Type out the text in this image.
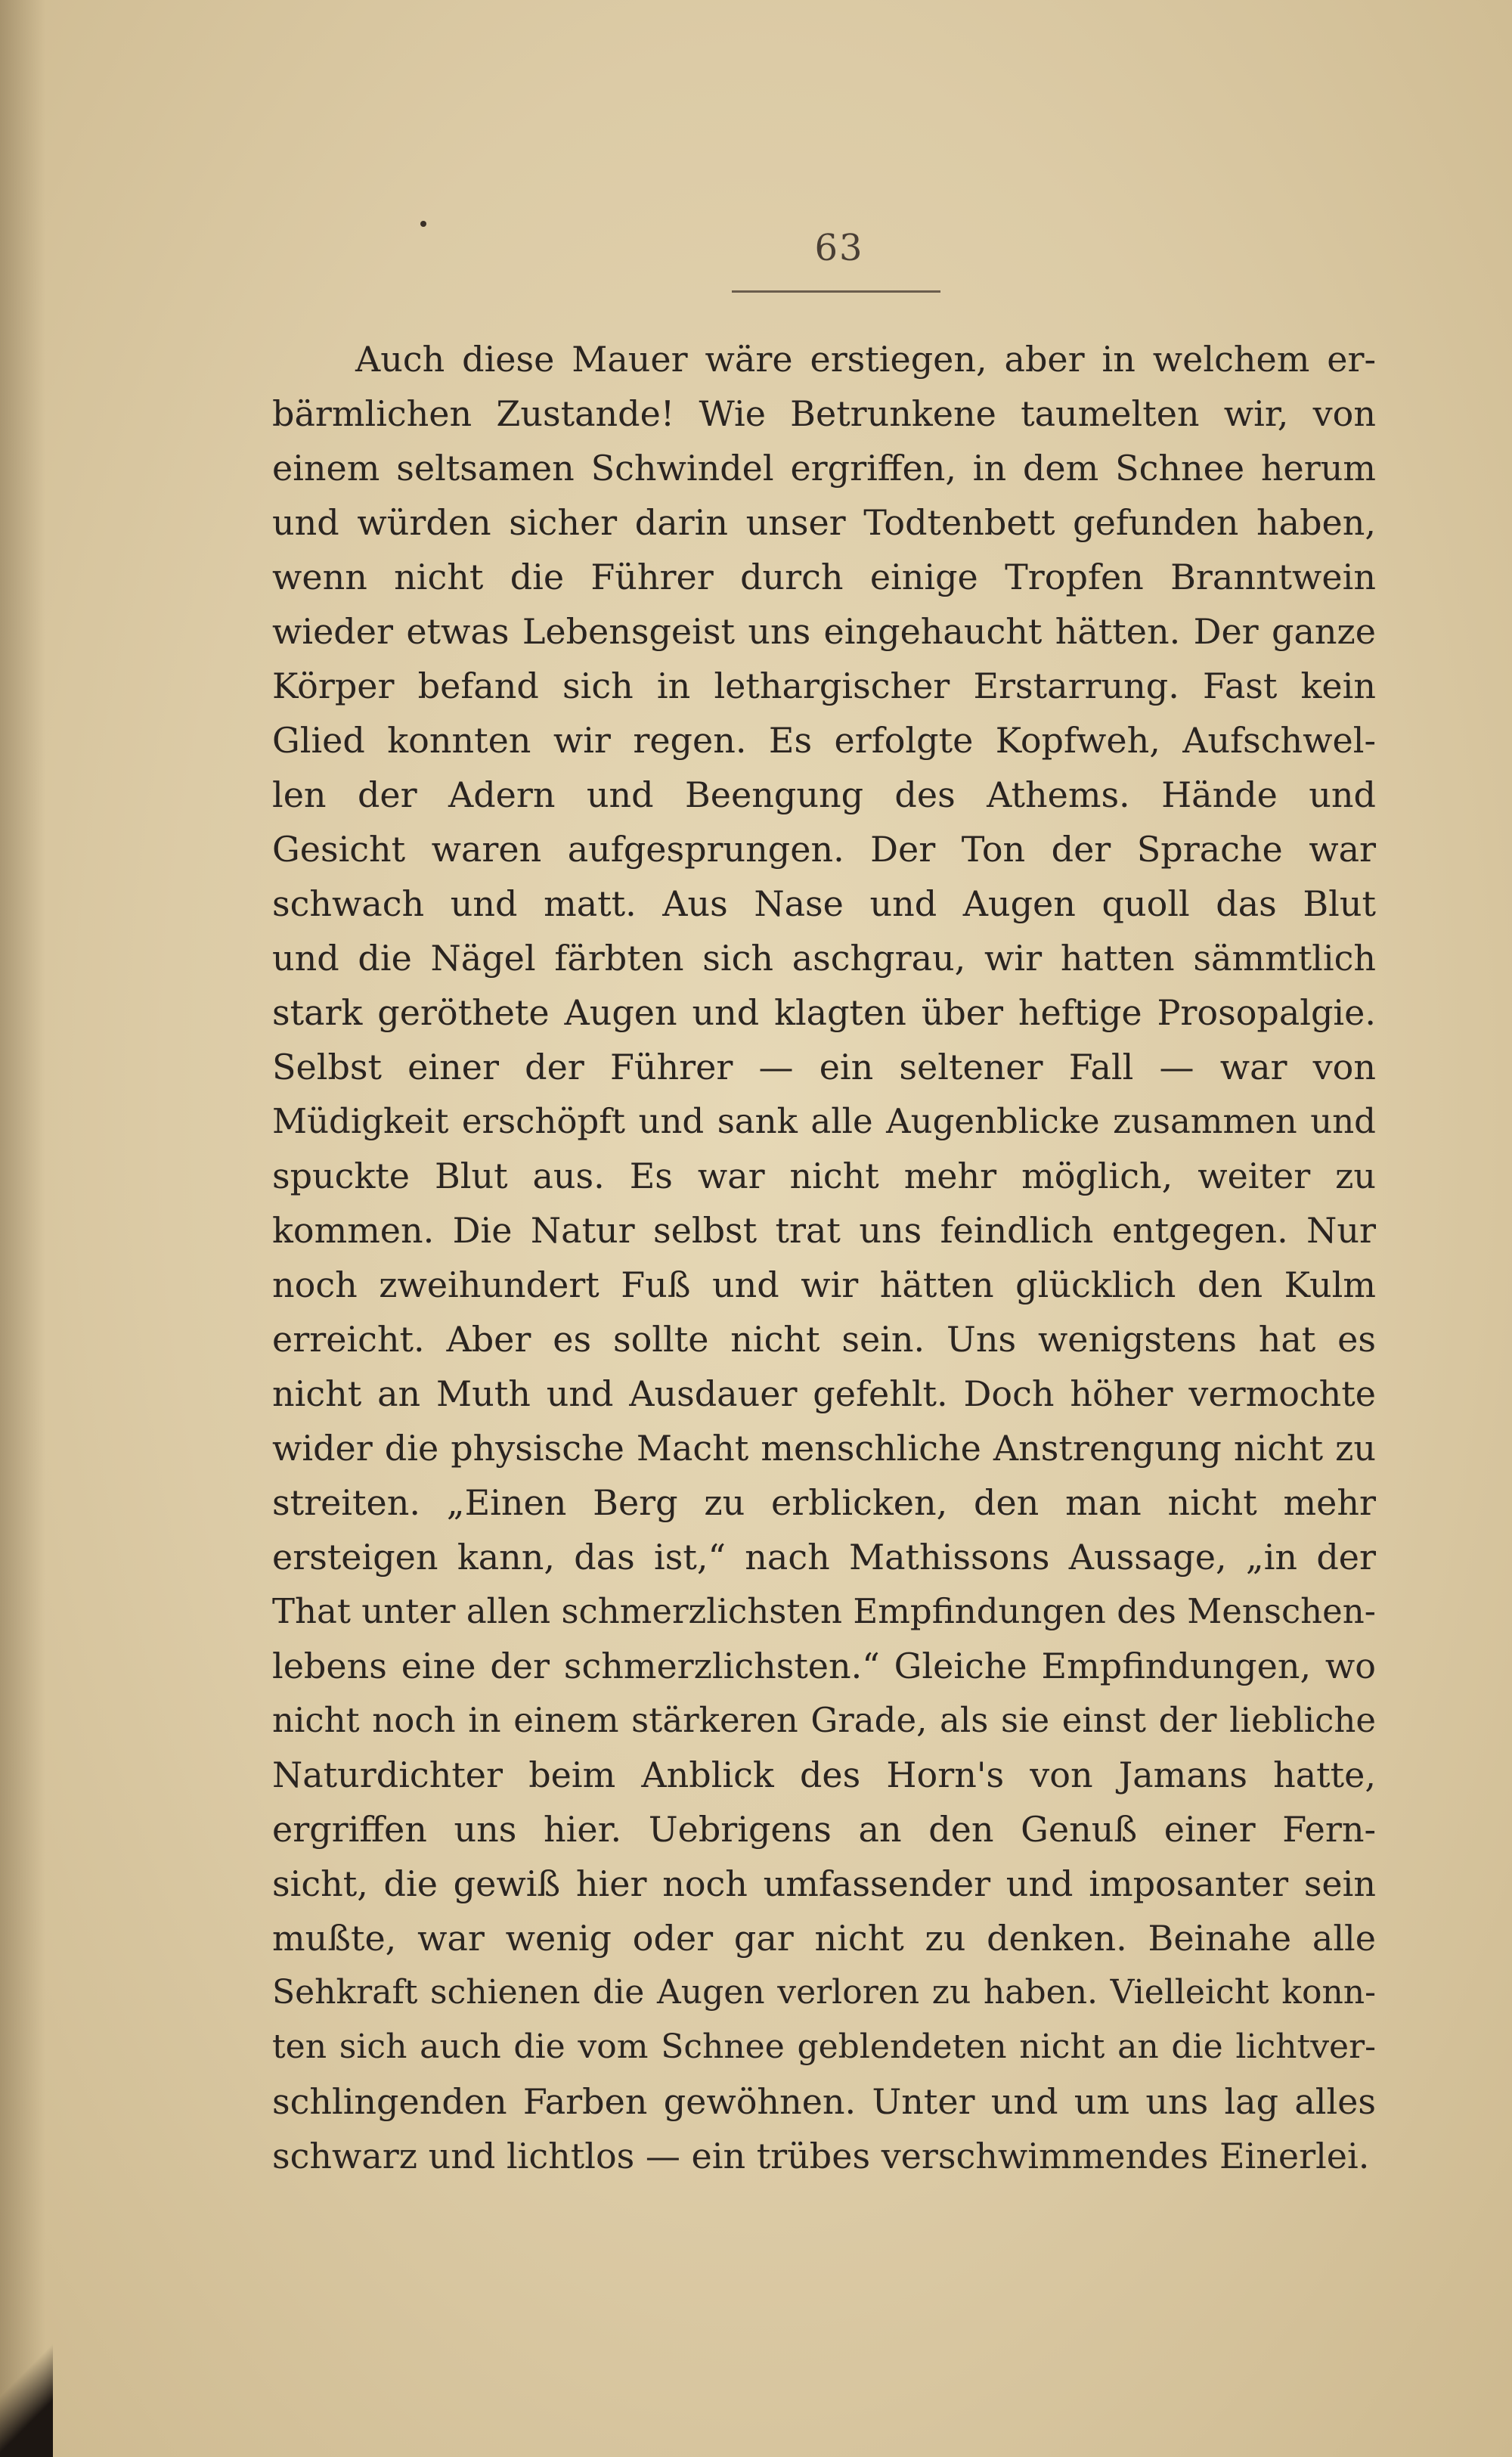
63
Auch diese Mauer wäre erstiegen, aber in welchem er-
bärmlichen Zustande! Wie Betrunkene taumelten wir, von
einem seltsamen Schwindel ergriffen, in dem Schnee herum
und würden sicher darin unser Todtenbett gefunden haben,
wenn nicht die Führer durch einige Tropfen Branntwein
wieder etwas Lebensgeist uns eingehaucht hätten. Der ganze
Körper befand sich in lethargischer Erstarrung. Fast kein
Glied konnten wir regen. Es erfolgte Kopfweh, Aufschwel-
len der Adern und Beengung des Athems. Hände und
Gesicht waren aufgesprungen. Der Ton der Sprache war
schwach und matt. Aus Nase und Augen quoll das Blut
und die Nägel färbten sich aschgrau, wir hatten sämmtlich
stark geröthete Augen und klagten über heftige Prosopalgie.
Selbst einer der Führer — ein seltener Fall — war von
Müdigkeit erschöpft und sank alle Augenblicke zusammen und
spuckte Blut aus. Es war nicht mehr möglich, weiter zu
kommen. Die Natur selbst trat uns feindlich entgegen. Nur
noch zweihundert Fuß und wir hätten glücklich den Kulm
erreicht. Aber es sollte nicht sein. Uns wenigstens hat es
nicht an Muth und Ausdauer gefehlt. Doch höher vermochte
wider die physische Macht menschliche Anstrengung nicht zu
streiten. „Einen Berg zu erblicken, den man nicht mehr
ersteigen kann, das ist,“ nach Mathissons Aussage, „in der
That unter allen schmerzlichsten Empfindungen des Menschen-
lebens eine der schmerzlichsten.“ Gleiche Empfindungen, wo
nicht noch in einem stärkeren Grade, als sie einst der liebliche
Naturdichter beim Anblick des Horn's von Jamans hatte,
ergriffen uns hier. Uebrigens an den Genuß einer Fern-
sicht, die gewiß hier noch umfassender und imposanter sein
mußte, war wenig oder gar nicht zu denken. Beinahe alle
Sehkraft schienen die Augen verloren zu haben. Vielleicht konn-
ten sich auch die vom Schnee geblendeten nicht an die lichtver-
schlingenden Farben gewöhnen. Unter und um uns lag alles
schwarz und lichtlos — ein trübes verschwimmendes Einerlei.
